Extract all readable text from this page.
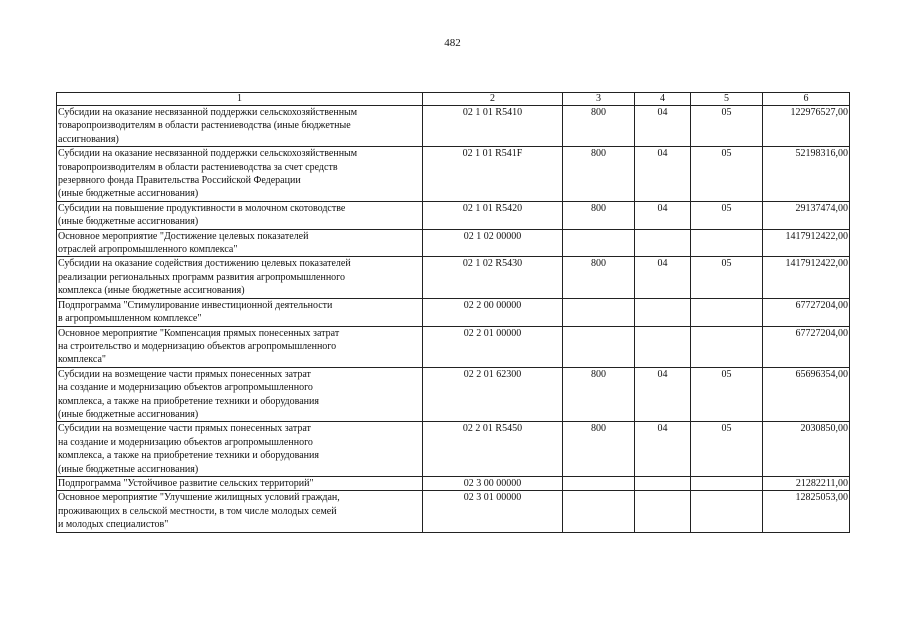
482
1	2	3	4	5	6
Субсидии на оказание несвязанной поддержки сельскохозяйственным
товаропроизводителям в области растениеводства (иные бюджетные
ассигнования)	02 1 01 R5410	800	04	05	122976527,00
Субсидии на оказание несвязанной поддержки сельскохозяйственным
товаропроизводителям в области растениеводства за счет средств
резервного фонда Правительства Российской Федерации
(иные бюджетные ассигнования)	02 1 01 R541F	800	04	05	52198316,00
Субсидии на повышение продуктивности в молочном скотоводстве
(иные бюджетные ассигнования)	02 1 01 R5420	800	04	05	29137474,00
Основное мероприятие "Достижение целевых показателей
отраслей агропромышленного комплекса"	02 1 02 00000				1417912422,00
Субсидии на оказание содействия достижению целевых показателей
реализации региональных программ развития агропромышленного
комплекса (иные бюджетные ассигнования)	02 1 02 R5430	800	04	05	1417912422,00
Подпрограмма "Стимулирование инвестиционной деятельности
в агропромышленном комплексе"	02 2 00 00000				67727204,00
Основное мероприятие "Компенсация прямых понесенных затрат
на строительство и модернизацию объектов агропромышленного
комплекса"	02 2 01 00000				67727204,00
Субсидии на возмещение части прямых понесенных затрат
на создание и модернизацию объектов агропромышленного
комплекса, а также на приобретение техники и оборудования
(иные бюджетные ассигнования)	02 2 01 62300	800	04	05	65696354,00
Субсидии на возмещение части прямых понесенных затрат
на создание и модернизацию объектов агропромышленного
комплекса, а также на приобретение техники и оборудования
(иные бюджетные ассигнования)	02 2 01 R5450	800	04	05	2030850,00
Подпрограмма "Устойчивое развитие сельских территорий"	02 3 00 00000				21282211,00
Основное мероприятие "Улучшение жилищных условий граждан,
проживающих в сельской местности, в том числе молодых семей
и молодых специалистов"	02 3 01 00000				12825053,00
